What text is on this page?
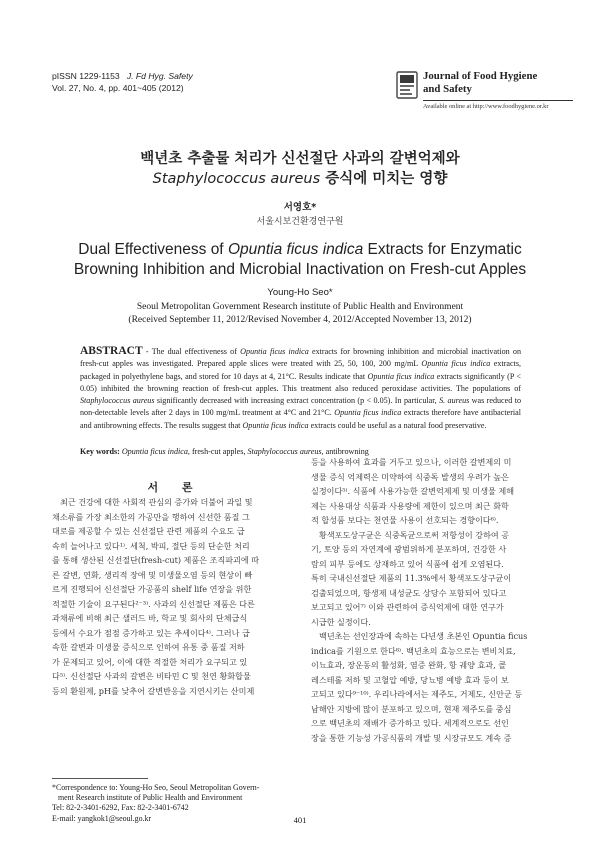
pISSN 1229-1153 J. Fd Hyg. Safety
Vol. 27, No. 4, pp. 401~405 (2012)
Journal of Food Hygiene
and Safety
Available online at http://www.foodhygiene.or.kr
백년초 추출물 처리가 신선절단 사과의 갈변억제와
Staphylococcus aureus 증식에 미치는 영향
서영호*
서울시보건환경연구원
Dual Effectiveness of Opuntia ficus indica Extracts for Enzymatic
Browning Inhibition and Microbial Inactivation on Fresh-cut Apples
Young-Ho Seo*
Seoul Metropolitan Government Research institute of Public Health and Environment
(Received September 11, 2012/Revised November 4, 2012/Accepted November 13, 2012)
ABSTRACT - The dual effectiveness of Opuntia ficus indica extracts for browning inhibition and microbial inactivation on fresh-cut apples was investigated. Prepared apple slices were treated with 25, 50, 100, 200 mg/mL Opuntia ficus indica extracts, packaged in polyethylene bags, and stored for 10 days at 4, 21°C. Results indicate that Opuntia ficus indica extracts significantly (P < 0.05) inhibited the browning reaction of fresh-cut apples. This treatment also reduced peroxidase activities. The populations of Staphylococcus aureus significantly decreased with increasing extract concentration (p < 0.05). In particular, S. aureus was reduced to non-detectable levels after 2 days in 100 mg/mL treatment at 4°C and 21°C. Opuntia ficus indica extracts therefore have antibacterial and antibrowning effects. The results suggest that Opuntia ficus indica extracts could be useful as a natural food preservative.
Key words: Opuntia ficus indica, fresh-cut apples, Staphylococcus aureus, antibrowning
서 론
최근 건강에 대한 사회적 관심의 증가와 더불어 과일 및
채소류를 가장 최소한의 가공만을 행하여 신선한 품질 그
대로를 제공할 수 있는 신선절단 관련 제품의 수요도 급
속히 늘어나고 있다¹⁾. 세척, 박피, 절단 등의 단순한 처리
를 통해 생산된 신선절단(fresh-cut) 제품은 조직파괴에 따
른 갈변, 연화, 생리적 장애 및 미생물오염 등의 현상이 빠
르게 진행되어 신선절단 가공품의 shelf life 연장을 위한
적절한 기술이 요구된다²⁻³⁾. 사과의 신선절단 제품은 다른
과채류에 비해 최근 샐러드 바, 학교 및 회사의 단체급식
등에서 수요가 점점 증가하고 있는 추세이다⁴⁾. 그러나 급
속한 갈변과 미생물 증식으로 인하여 유통 중 품질 저하
가 문제되고 있어, 이에 대한 적절한 처리가 요구되고 있
다⁵⁾. 신선절단 사과의 갈변은 비타민 C 및 천연 황화합물
등의 환원제, pH를 낮추어 갈변반응을 지연시키는 산미제
등을 사용하여 효과를 거두고 있으나, 이러한 갈변제의 미
생물 증식 억제력은 미약하여 식중독 발생의 우려가 높은
실정이다⁵⁾. 식품에 사용가능한 갈변억제제 및 미생물 제해
제는 사용대상 식품과 사용량에 제한이 있으며 최근 화학
적 합성품 보다는 천연물 사용이 선호되는 경향이다⁶⁾.
황색포도상구균은 식중독균으로써 저항성이 강하여 공
기, 토양 등의 자연계에 광범위하게 분포하며, 건강한 사
람의 피부 등에도 상재하고 있어 식품에 쉽게 오염된다.
특히 국내신선절단 제품의 11.3%에서 황색포도상구균이
검출되었으며, 항생제 내성균도 상당수 포함되어 있다고
보고되고 있어⁷⁾ 이와 관련하여 증식억제에 대한 연구가
시급한 실정이다.
백년초는 선인장과에 속하는 다년생 초본인 Opuntia ficus
indica를 기원으로 한다⁸⁾. 백년초의 효능으로는 변비치료,
이뇨효과, 장운동의 활성화, 염증 완화, 항 궤양 효과, 콜
레스테롤 저하 및 고혈압 예방, 당뇨병 예방 효과 등이 보
고되고 있다⁹⁻¹⁰⁾. 우리나라에서는 제주도, 거제도, 신안군 등
남해안 지방에 많이 분포하고 있으며, 현재 제주도를 중심
으로 백년초의 재배가 증가하고 있다. 세계적으로도 선인
장을 통한 기능성 가공식품의 개발 및 시장규모도 계속 증
*Correspondence to: Young-Ho Seo, Seoul Metropolitan Govern-
ment Research institute of Public Health and Environment
Tel: 82-2-3401-6292, Fax: 82-2-3401-6742
E-mail: yangkok1@seoul.go.kr	401
